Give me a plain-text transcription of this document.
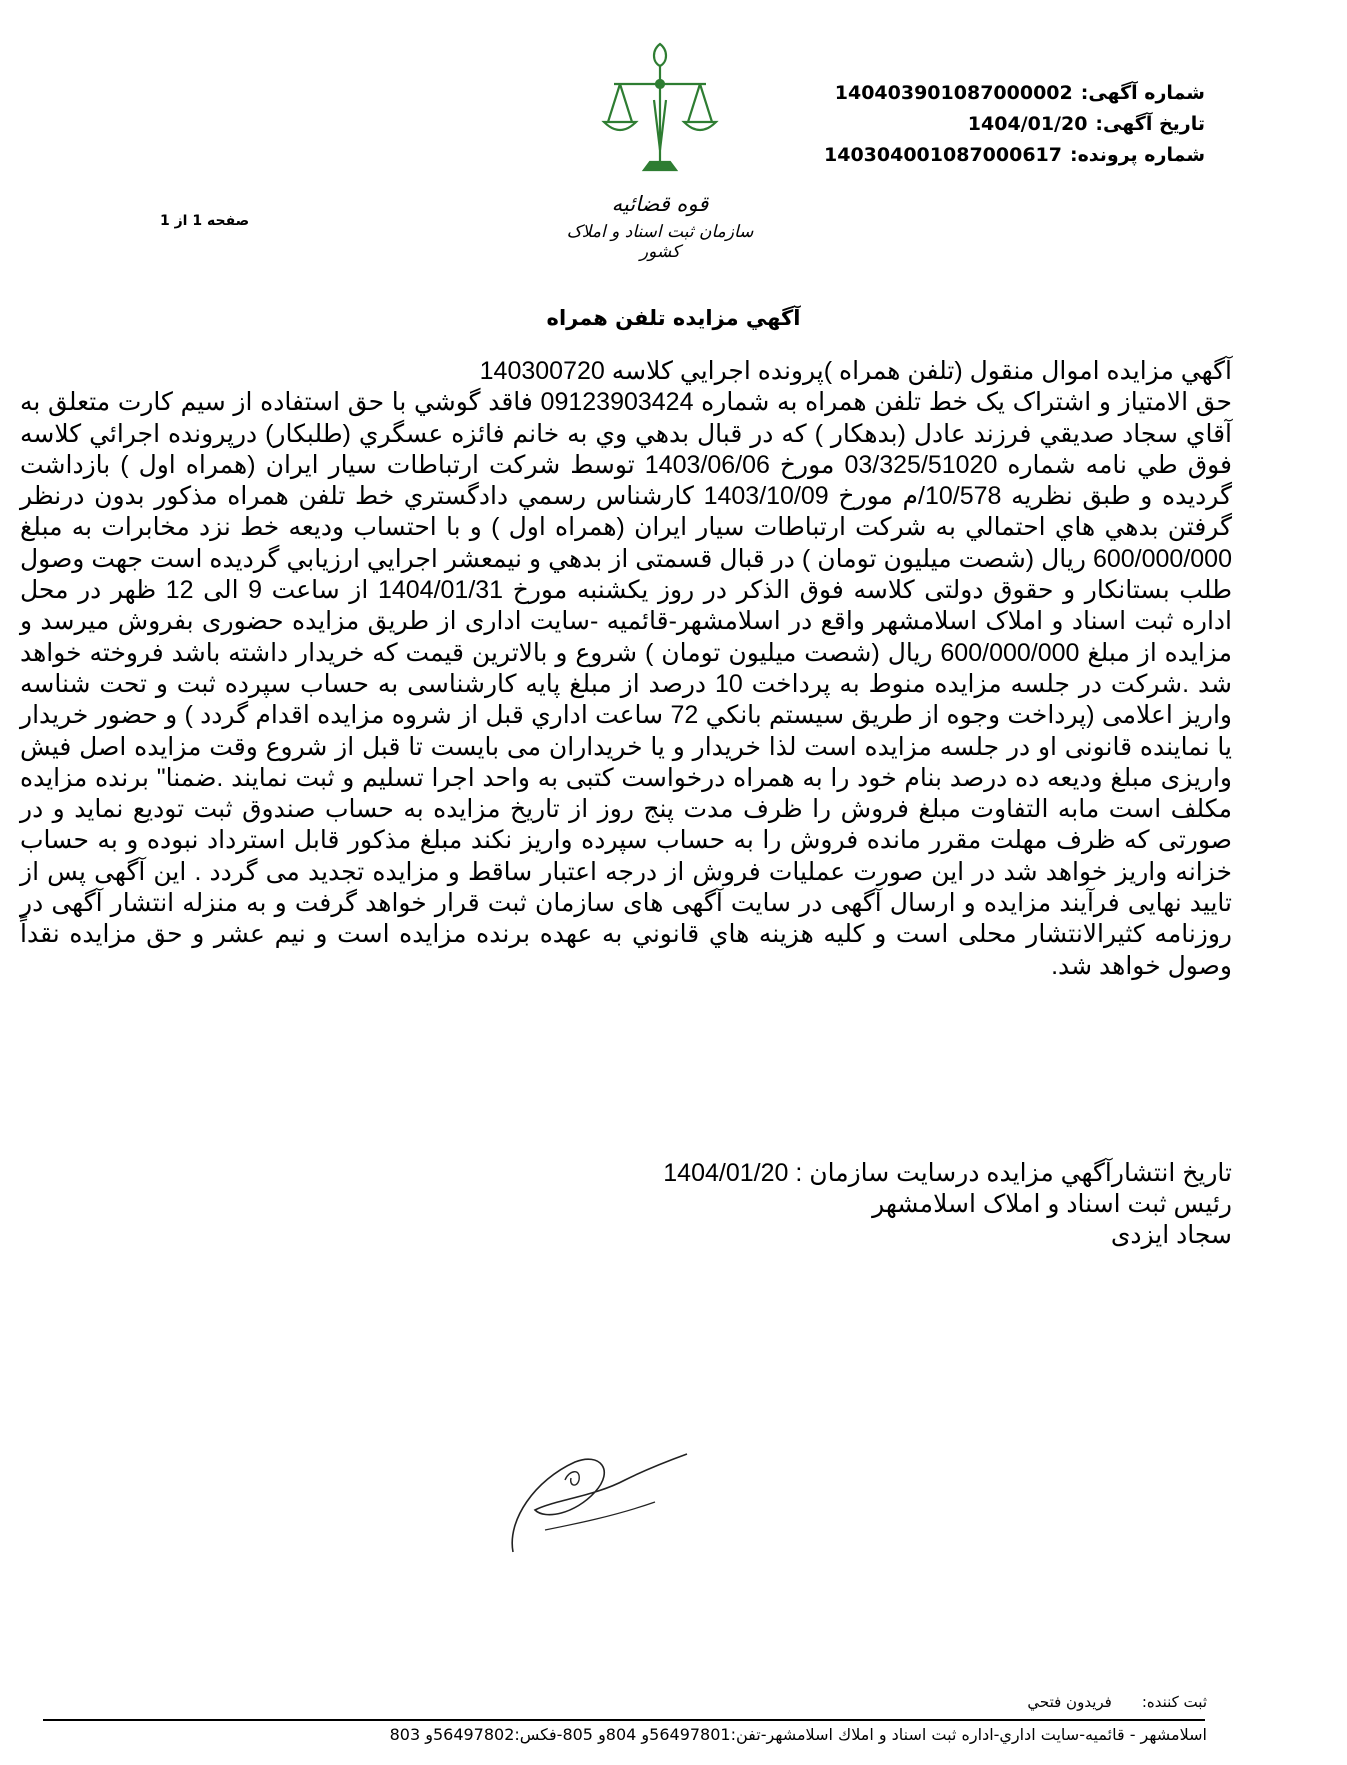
شماره آگهی:140403901087000002
تاریخ آگهی:1404/01/20
شماره پرونده:140304001087000617
قوه قضائیه
سازمان ثبت اسناد و املاک کشور
صفحه 1 از 1
آگهي مزايده تلفن همراه

آگهي مزايده اموال منقول (تلفن همراه )پرونده اجرايي كلاسه 140300720

حق الامتياز و اشتراک يک خط تلفن همراه به شماره 09123903424 فاقد گوشي با حق استفاده از سيم كارت متعلق به آقاي سجاد صديقي فرزند عادل (بدهكار ) كه در قبال بدهي وي به خانم فائزه عسگري (طلبكار) درپرونده اجرائي كلاسه فوق طي نامه شماره 03/325/51020 مورخ 1403/06/06 توسط شركت ارتباطات سيار ايران (همراه اول ) بازداشت گرديده و طبق نظريه 10/578/م مورخ 1403/10/09 كارشناس رسمي دادگستري خط تلفن همراه مذكور بدون درنظر گرفتن بدهي هاي احتمالي به شركت ارتباطات سيار ايران (همراه اول ) و با احتساب وديعه خط نزد مخابرات به مبلغ 600/000/000 ريال (شصت ميليون تومان ) در قبال قسمتی از بدهي و نيمعشر اجرايي ارزيابي گرديده است جهت وصول طلب بستانكار و حقوق دولتی كلاسه فوق الذكر در روز يكشنبه مورخ 1404/01/31 از ساعت 9 الی 12 ظهر در محل اداره ثبت اسناد و املاک اسلامشهر واقع در اسلامشهر-قائميه -سايت اداری از طريق مزايده حضوری بفروش ميرسد و مزايده از مبلغ 600/000/000 ريال (شصت ميليون تومان ) شروع و بالاترين قيمت كه خريدار داشته باشد فروخته خواهد شد .شركت در جلسه مزايده منوط به پرداخت 10 درصد از مبلغ پايه كارشناسی به حساب سپرده ثبت و تحت شناسه واريز اعلامی (پرداخت وجوه از طريق سيستم بانكي 72 ساعت اداري قبل از شروه مزايده اقدام گردد ) و حضور خريدار يا نماينده قانونی او در جلسه مزايده است لذا خريدار و يا خريداران می بايست تا قبل از شروع وقت مزايده اصل فيش واريزی مبلغ وديعه ده درصد بنام خود را به همراه درخواست كتبی به واحد اجرا تسليم و ثبت نمايند .ضمنا" برنده مزايده مكلف است مابه التفاوت مبلغ فروش را ظرف مدت پنج روز از تاريخ مزايده به حساب صندوق ثبت توديع نمايد و در صورتی كه ظرف مهلت مقرر مانده فروش را به حساب سپرده واريز نكند مبلغ مذكور قابل استرداد نبوده و به حساب خزانه واريز خواهد شد در اين صورت عمليات فروش از درجه اعتبار ساقط و مزايده تجديد می گردد . اين آگهی پس از تاييد نهايی فرآيند مزايده و ارسال آگهی در سايت آگهی های سازمان ثبت قرار خواهد گرفت و به منزله انتشار آگهی در روزنامه كثيرالانتشار محلی است و كليه هزينه هاي قانوني به عهده برنده مزايده است و نيم عشر و حق مزايده نقداً وصول خواهد شد.

تاريخ انتشارآگهي مزايده درسايت سازمان : 1404/01/20
رئيس ثبت اسناد و املاک اسلامشهر
سجاد ايزدی
ثبت كننده:فريدون فتحي
اسلامشهر - قائميه-سايت اداري-اداره ثبت اسناد و املاك اسلامشهر-تفن:56497801و 804و 805-فكس:56497802و 803
